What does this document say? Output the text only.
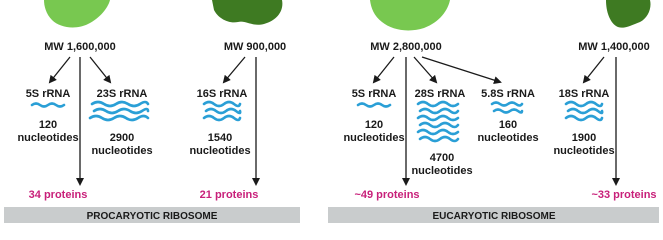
MW 1,600,000
5S rRNA
120
nucleotides
23S rRNA
2900
nucleotides
34 proteins
MW 900,000
16S rRNA
1540
nucleotides
21 proteins
PROCARYOTIC RIBOSOME
MW 2,800,000
5S rRNA
120
nucleotides
28S rRNA
4700
nucleotides
5.8S rRNA
160
nucleotides
~49 proteins
MW 1,400,000
18S rRNA
1900
nucleotides
~33 proteins
EUCARYOTIC RIBOSOME
